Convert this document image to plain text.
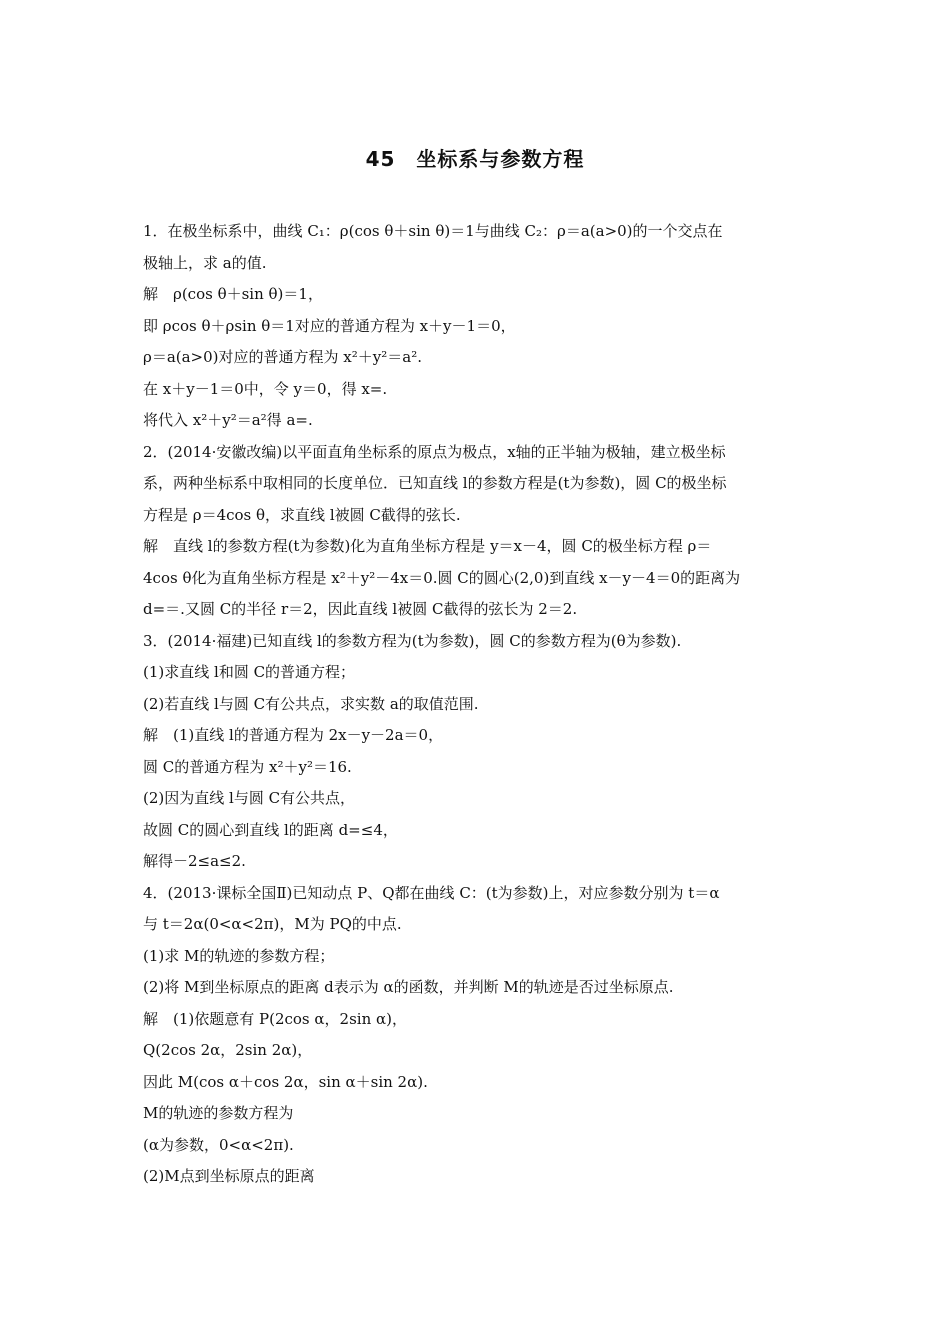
45　坐标系与参数方程
1．在极坐标系中，曲线 C₁：ρ(cos θ＋sin θ)＝1与曲线 C₂：ρ＝a(a>0)的一个交点在
极轴上，求 a的值.
解　ρ(cos θ＋sin θ)＝1，
即 ρcos θ＋ρsin θ＝1对应的普通方程为 x＋y－1＝0，
ρ＝a(a>0)对应的普通方程为 x²＋y²＝a².
在 x＋y－1＝0中，令 y＝0，得 x=.
将代入 x²＋y²＝a²得 a=.
2．(2014·安徽改编)以平面直角坐标系的原点为极点，x轴的正半轴为极轴，建立极坐标
系，两种坐标系中取相同的长度单位．已知直线 l的参数方程是(t为参数)，圆 C的极坐标
方程是 ρ＝4cos θ，求直线 l被圆 C截得的弦长.
解　直线 l的参数方程(t为参数)化为直角坐标方程是 y＝x－4，圆 C的极坐标方程 ρ＝
4cos θ化为直角坐标方程是 x²＋y²－4x＝0.圆 C的圆心(2,0)到直线 x－y－4＝0的距离为
d=＝.又圆 C的半径 r＝2，因此直线 l被圆 C截得的弦长为 2＝2.
3．(2014·福建)已知直线 l的参数方程为(t为参数)，圆 C的参数方程为(θ为参数).
(1)求直线 l和圆 C的普通方程；
(2)若直线 l与圆 C有公共点，求实数 a的取值范围.
解　(1)直线 l的普通方程为 2x－y－2a＝0，
圆 C的普通方程为 x²＋y²＝16.
(2)因为直线 l与圆 C有公共点，
故圆 C的圆心到直线 l的距离 d=≤4，
解得－2≤a≤2.
4．(2013·课标全国Ⅱ)已知动点 P、Q都在曲线 C：(t为参数)上，对应参数分别为 t＝α
与 t＝2α(0<α<2π)，M为 PQ的中点.
(1)求 M的轨迹的参数方程；
(2)将 M到坐标原点的距离 d表示为 α的函数，并判断 M的轨迹是否过坐标原点.
解　(1)依题意有 P(2cos α，2sin α)，
Q(2cos 2α，2sin 2α)，
因此 M(cos α＋cos 2α，sin α＋sin 2α).
M的轨迹的参数方程为
(α为参数，0<α<2π).
(2)M点到坐标原点的距离
